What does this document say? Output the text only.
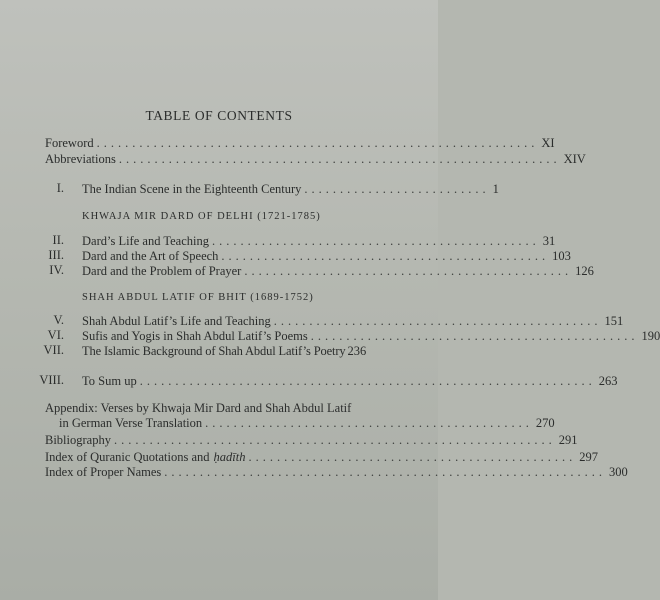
TABLE OF CONTENTS
Foreword .............................................................. XI
Abbreviations .............................................................. XIV
I. The Indian Scene in the Eighteenth Century .......................... 1
KHWAJA MIR DARD OF DELHI (1721-1785)
II. Dard’s Life and Teaching .............................................. 31
III. Dard and the Art of Speech .............................................. 103
IV. Dard and the Problem of Prayer .............................................. 126
SHAH ABDUL LATIF OF BHIT (1689-1752)
V. Shah Abdul Latif’s Life and Teaching .............................................. 151
VI. Sufis and Yogis in Shah Abdul Latif’s Poems .............................................. 190
VII. The Islamic Background of Shah Abdul Latif’s Poetry 236
VIII. To Sum up ................................................................ 263
Appendix: Verses by Khwaja Mir Dard and Shah Abdul Latif
in German Verse Translation .............................................. 270
Bibliography .............................................................. 291
Index of Quranic Quotations and ḥadīth .............................................. 297
Index of Proper Names .............................................................. 300
